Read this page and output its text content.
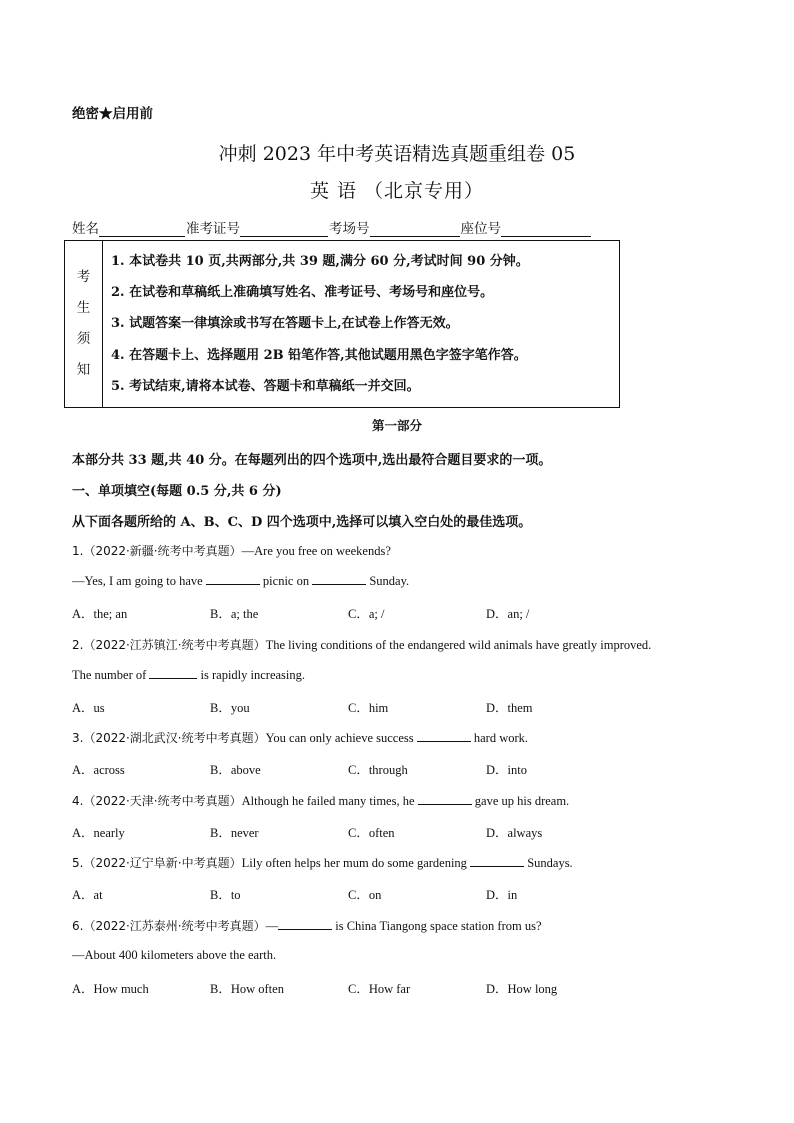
绝密★启用前
冲刺 2023 年中考英语精选真题重组卷 05
英 语 （北京专用）
姓名	准考证号	考场号	座位号
考
生
须
知
1. 本试卷共 10 页,共两部分,共 39 题,满分 60 分,考试时间 90 分钟。
2. 在试卷和草稿纸上准确填写姓名、准考证号、考场号和座位号。
3. 试题答案一律填涂或书写在答题卡上,在试卷上作答无效。
4. 在答题卡上、选择题用 2B 铅笔作答,其他试题用黑色字签字笔作答。
5. 考试结束,请将本试卷、答题卡和草稿纸一并交回。
第一部分
本部分共 33 题,共 40 分。在每题列出的四个选项中,选出最符合题目要求的一项。
一、单项填空(每题 0.5 分,共 6 分)
从下面各题所给的 A、B、C、D 四个选项中,选择可以填入空白处的最佳选项。
1.（2022·新疆·统考中考真题）—Are you free on weekends?
—Yes, I am going to have	picnic on	Sunday.
A．the; an	B．a; the	C．a; /	D．an; /
2.（2022·江苏镇江·统考中考真题）The living conditions of the endangered wild animals have greatly improved.
The number of	is rapidly increasing.
A．us	B．you	C．him	D．them
3.（2022·湖北武汉·统考中考真题）You can only achieve success	hard work.
A．across	B．above	C．through	D．into
4.（2022·天津·统考中考真题）Although he failed many times, he	gave up his dream.
A．nearly	B．never	C．often	D．always
5.（2022·辽宁阜新·中考真题）Lily often helps her mum do some gardening	Sundays.
A．at	B．to	C．on	D．in
6.（2022·江苏泰州·统考中考真题）—	is China Tiangong space station from us?
—About 400 kilometers above the earth.
A．How much	B．How often	C．How far	D．How long
